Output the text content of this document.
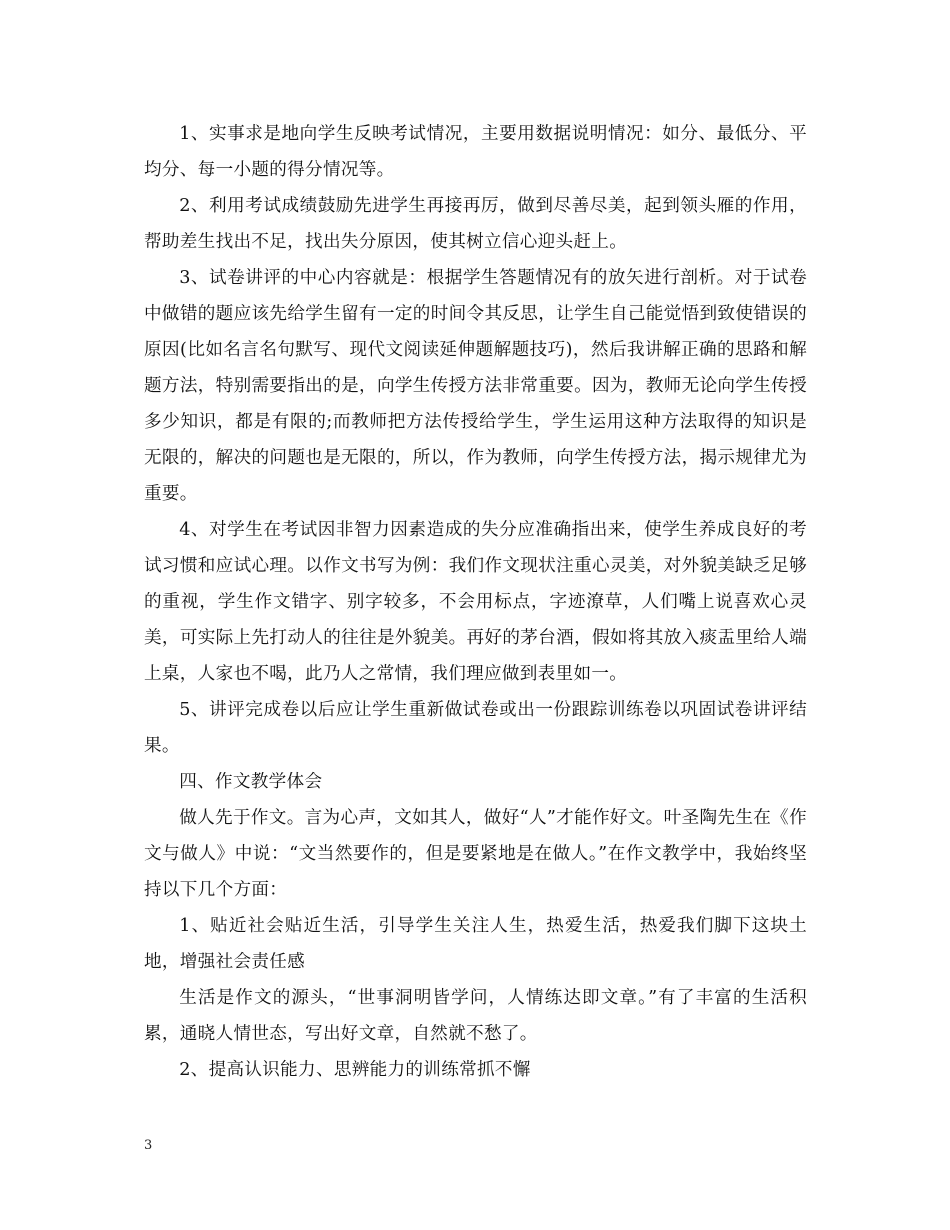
1、实事求是地向学生反映考试情况，主要用数据说明情况：如分、最低分、平均分、每一小题的得分情况等。

2、利用考试成绩鼓励先进学生再接再厉，做到尽善尽美，起到领头雁的作用，帮助差生找出不足，找出失分原因，使其树立信心迎头赶上。

3、试卷讲评的中心内容就是：根据学生答题情况有的放矢进行剖析。对于试卷中做错的题应该先给学生留有一定的时间令其反思，让学生自己能觉悟到致使错误的原因(比如名言名句默写、现代文阅读延伸题解题技巧)，然后我讲解正确的思路和解题方法，特别需要指出的是，向学生传授方法非常重要。因为，教师无论向学生传授多少知识，都是有限的;而教师把方法传授给学生，学生运用这种方法取得的知识是无限的，解决的问题也是无限的，所以，作为教师，向学生传授方法，揭示规律尤为重要。

4、对学生在考试因非智力因素造成的失分应准确指出来，使学生养成良好的考试习惯和应试心理。以作文书写为例：我们作文现状注重心灵美，对外貌美缺乏足够的重视，学生作文错字、别字较多，不会用标点，字迹潦草，人们嘴上说喜欢心灵美，可实际上先打动人的往往是外貌美。再好的茅台酒，假如将其放入痰盂里给人端上桌，人家也不喝，此乃人之常情，我们理应做到表里如一。

5、讲评完成卷以后应让学生重新做试卷或出一份跟踪训练卷以巩固试卷讲评结果。

四、作文教学体会

做人先于作文。言为心声，文如其人，做好“人”才能作好文。叶圣陶先生在《作文与做人》中说：“文当然要作的，但是要紧地是在做人。”在作文教学中，我始终坚持以下几个方面：

1、贴近社会贴近生活，引导学生关注人生，热爱生活，热爱我们脚下这块土地，增强社会责任感

生活是作文的源头，“世事洞明皆学问，人情练达即文章。”有了丰富的生活积累，通晓人情世态，写出好文章，自然就不愁了。

2、提高认识能力、思辨能力的训练常抓不懈

3
